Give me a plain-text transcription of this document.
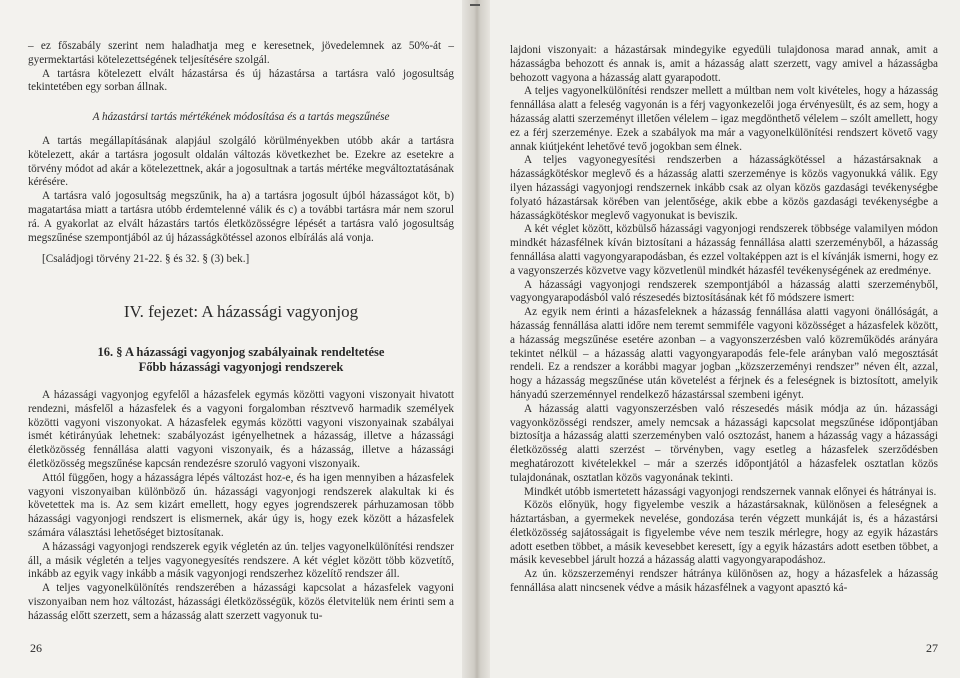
– ez főszabály szerint nem haladhatja meg e keresetnek, jövedelemnek az 50%-át – gyermektartási kötelezettségének teljesítésére szolgál.

A tartásra kötelezett elvált házastársa és új házastársa a tartásra való jogosultság tekintetében egy sorban állnak.

A házastársi tartás mértékének módosítása és a tartás megszűnése

A tartás megállapításának alapjául szolgáló körülményekben utóbb akár a tartásra kötelezett, akár a tartásra jogosult oldalán változás következhet be. Ezekre az esetekre a törvény módot ad akár a kötelezettnek, akár a jogosultnak a tartás mértéke megváltoztatásának kérésére.

A tartásra való jogosultság megszűnik, ha a) a tartásra jogosult újból házasságot köt, b) magatartása miatt a tartásra utóbb érdemtelenné válik és c) a további tartásra már nem szorul rá. A gyakorlat az elvált házastárs tartós életközösségre lépését a tartásra való jogosultság megszűnése szempontjából az új házasságkötéssel azonos elbírálás alá vonja.

[Családjogi törvény 21-22. § és 32. § (3) bek.]

IV. fejezet: A házassági vagyonjog

16. § A házassági vagyonjog szabályainak rendeltetése
Főbb házassági vagyonjogi rendszerek

A házassági vagyonjog egyfelől a házasfelek egymás közötti vagyoni viszonyait hivatott rendezni, másfelől a házasfelek és a vagyoni forgalomban résztvevő harmadik személyek közötti vagyoni viszonyokat. A házasfelek egymás közötti vagyoni viszonyainak szabályai ismét kétirányúak lehetnek: szabályozást igényelhetnek a házasság, illetve a házassági életközösség fennállása alatti vagyoni viszonyaik, és a házasság, illetve a házassági életközösség megszűnése kapcsán rendezésre szoruló vagyoni viszonyaik.

Attól függően, hogy a házasságra lépés változást hoz-e, és ha igen mennyiben a házasfelek vagyoni viszonyaiban különböző ún. házassági vagyonjogi rendszerek alakultak ki és követettek ma is. Az sem kizárt emellett, hogy egyes jogrendszerek párhuzamosan több házassági vagyonjogi rendszert is elismernek, akár úgy is, hogy ezek között a házasfelek számára választási lehetőséget biztosítanak.

A házassági vagyonjogi rendszerek egyik végletén az ún. teljes vagyonelkülönítési rendszer áll, a másik végletén a teljes vagyonegyesítés rendszere. A két véglet között több közvetítő, inkább az egyik vagy inkább a másik vagyonjogi rendszerhez közelítő rendszer áll.

A teljes vagyonelkülönítés rendszerében a házassági kapcsolat a házasfelek vagyoni viszonyaiban nem hoz változást, házassági életközösségük, közös életvitelük nem érinti sem a házasság előtt szerzett, sem a házasság alatt szerzett vagyonuk tu-

26

lajdoni viszonyait: a házastársak mindegyike egyedüli tulajdonosa marad annak, amit a házasságba behozott és annak is, amit a házasság alatt szerzett, vagy amivel a házasságba behozott vagyona a házasság alatt gyarapodott.

A teljes vagyonelkülönítési rendszer mellett a múltban nem volt kivételes, hogy a házasság fennállása alatt a feleség vagyonán is a férj vagyonkezelői joga érvényesült, és az sem, hogy a házasság alatti szerzeményt illetően vélelem – igaz megdönthető vélelem – szólt amellett, hogy ez a férj szerzeménye. Ezek a szabályok ma már a vagyonelkülönítési rendszert követő vagy annak kiútjeként lehetővé tevő jogokban sem élnek.

A teljes vagyonegyesítési rendszerben a házasságkötéssel a házastársaknak a házasságkötéskor meglevő és a házasság alatti szerzeménye is közös vagyonukká válik. Egy ilyen házassági vagyonjogi rendszernek inkább csak az olyan közös gazdasági tevékenységbe folyató házastársak körében van jelentősége, akik ebbe a közös gazdasági tevékenységbe a házasságkötéskor meglevő vagyonukat is beviszik.

A két véglet között, közbülső házassági vagyonjogi rendszerek többsége valamilyen módon mindkét házasfélnek kíván biztosítani a házasság fennállása alatti szerzeményből, a házasság fennállása alatti vagyongyarapodásban, és ezzel voltaképpen azt is el kívánják ismerni, hogy ez a vagyonszerzés közvetve vagy közvetlenül mindkét házasfél tevékenységének az eredménye.

A házassági vagyonjogi rendszerek szempontjából a házasság alatti szerzeményből, vagyongyarapodásból való részesedés biztosításának két fő módszere ismert:

Az egyik nem érinti a házasfeleknek a házasság fennállása alatti vagyoni önállóságát, a házasság fennállása alatti időre nem teremt semmiféle vagyoni közösséget a házasfelek között, a házasság megszűnése esetére azonban – a vagyonszerzésben való közreműködés arányára tekintet nélkül – a házasság alatti vagyongyarapodás fele-fele arányban való megosztását rendeli. Ez a rendszer a korábbi magyar jogban „közszerzeményi rendszer” néven élt, azzal, hogy a házasság megszűnése után követelést a férjnek és a feleségnek is biztosított, amelyik hányadú szerzeménnyel rendelkező házastárssal szembeni igényt.

A házasság alatti vagyonszerzésben való részesedés másik módja az ún. házassági vagyonközösségi rendszer, amely nemcsak a házassági kapcsolat megszűnése időpontjában biztosítja a házasság alatti szerzeményben való osztozást, hanem a házasság vagy a házassági életközösség alatti szerzést – törvényben, vagy esetleg a házasfelek szerződésben meghatározott kivételekkel – már a szerzés időpontjától a házasfelek osztatlan közös tulajdonának, osztatlan közös vagyonának tekinti.

Mindkét utóbb ismertetett házassági vagyonjogi rendszernek vannak előnyei és hátrányai is.

Közös előnyük, hogy figyelembe veszik a házastársaknak, különösen a feleségnek a háztartásban, a gyermekek nevelése, gondozása terén végzett munkáját is, és a házastársi életközösség sajátosságait is figyelembe véve nem teszik mérlegre, hogy az egyik házastárs adott esetben többet, a másik kevesebbet keresett, így a egyik házastárs adott esetben többet, a másik kevesebbel járult hozzá a házasság alatti vagyongyarapodáshoz.

Az ún. közszerzeményi rendszer hátránya különösen az, hogy a házasfelek a házasság fennállása alatt nincsenek védve a másik házasfélnek a vagyont apasztó ká-

27
